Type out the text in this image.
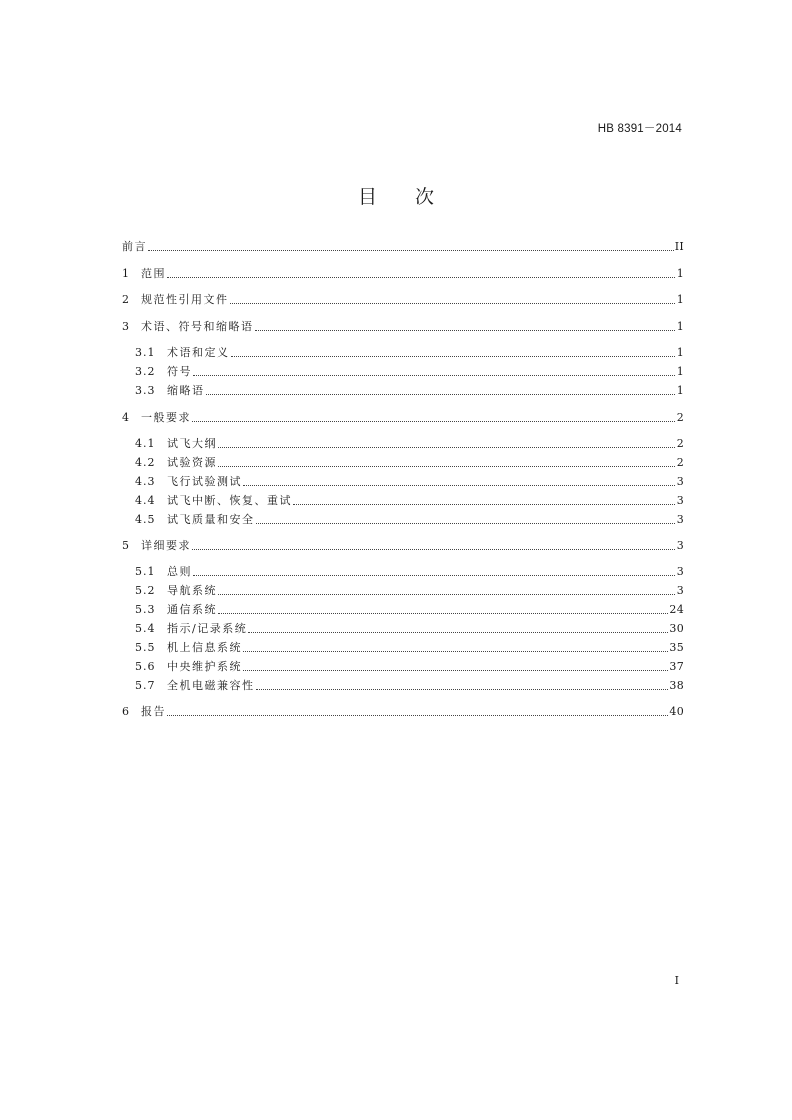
HB 8391－2014
目次
前言	II
1	范围	1
2	规范性引用文件	1
3	术语、符号和缩略语	1
3.1	术语和定义	1
3.2	符号	1
3.3	缩略语	1
4	一般要求	2
4.1	试飞大纲	2
4.2	试验资源	2
4.3	飞行试验测试	3
4.4	试飞中断、恢复、重试	3
4.5	试飞质量和安全	3
5	详细要求	3
5.1	总则	3
5.2	导航系统	3
5.3	通信系统	24
5.4	指示/记录系统	30
5.5	机上信息系统	35
5.6	中央维护系统	37
5.7	全机电磁兼容性	38
6	报告	40
I
